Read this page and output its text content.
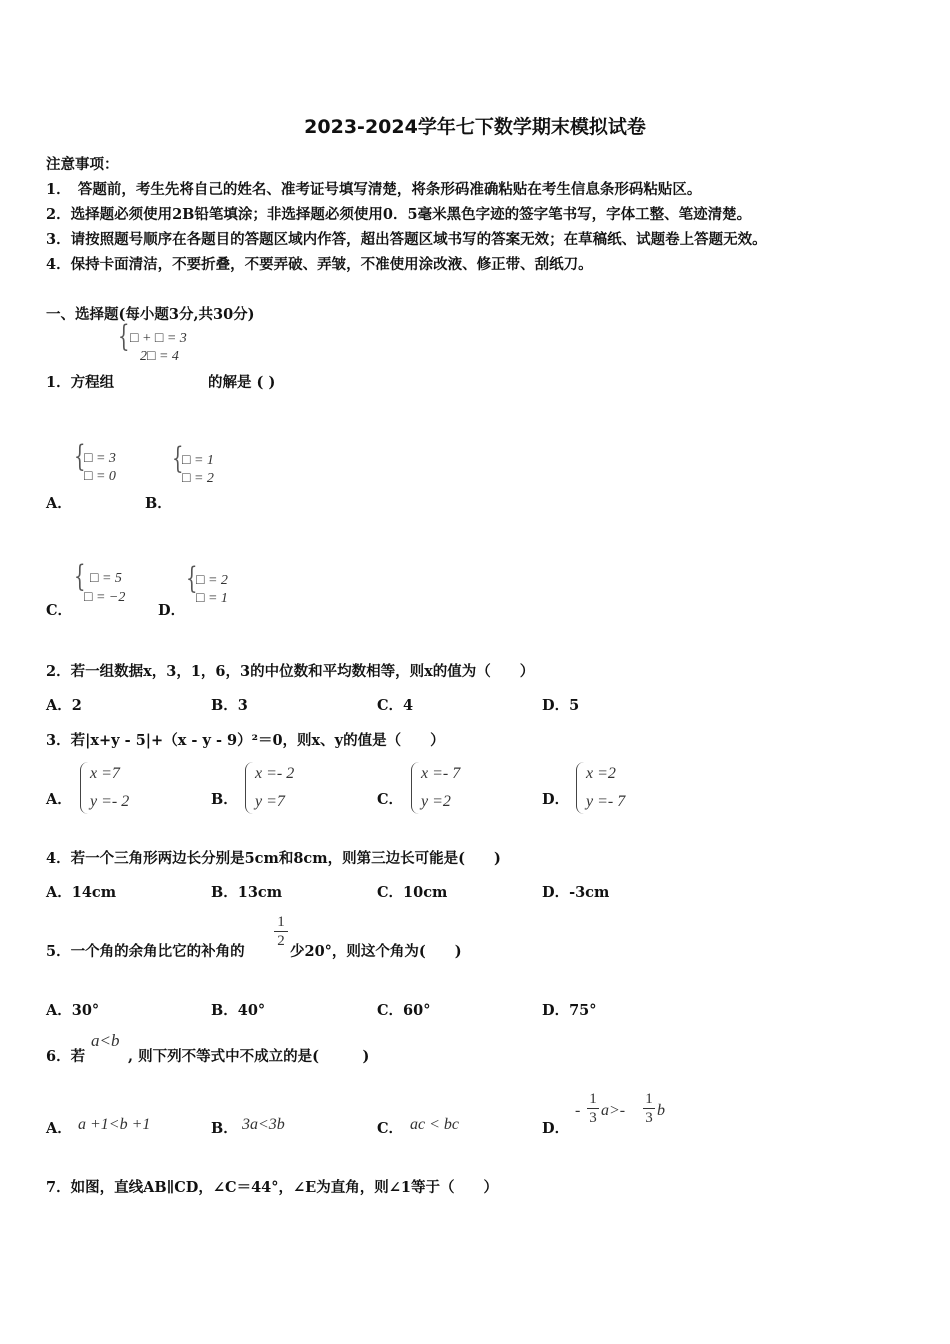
2023-2024学年七下数学期末模拟试卷
注意事项：
1．　答题前，考生先将自己的姓名、准考证号填写清楚，将条形码准确粘贴在考生信息条形码粘贴区。
2．选择题必须使用2B铅笔填涂；非选择题必须使用0．5毫米黑色字迹的签字笔书写，字体工整、笔迹清楚。
3．请按照题号顺序在各题目的答题区域内作答，超出答题区域书写的答案无效；在草稿纸、试题卷上答题无效。
4．保持卡面清洁，不要折叠，不要弄破、弄皱，不准使用涂改液、修正带、刮纸刀。
一、选择题(每小题3分,共30分)
{ □ + □ = 3
2□ = 4
1．方程组	的解是 ( )
{
□ = 3
□ = 0
A．
{
□ = 1
□ = 2
B．
{ □ = 5
□ = −2
C．
{
□ = 2
□ = 1
D．
2．若一组数据x，3，1，6，3的中位数和平均数相等，则x的值为（　　）
A．2	B．3	C．4	D．5
3．若|x+y - 5|+（x - y - 9）²＝0，则x、y的值是（　　）
A．
x =7
y =- 2	B．
x =- 2
y =7	C．
x =- 7
y =2	D．
x =2
y =- 7
4．若一个三角形两边长分别是5cm和8cm，则第三边长可能是(　　)
A．14cm	B．13cm	C．10cm	D．-3cm
5．一个角的余角比它的补角的
1
2
少20°，则这个角为(　　)
A．30°	B．40°	C．60°	D．75°
6．若
a<b
, 则下列不等式中不成立的是(　　　)
A． a +1<b +1	B． 3a<3b	C． ac < bc	D．
-
1
3 a>-
1
3 b
7．如图，直线AB∥CD，∠C＝44°，∠E为直角，则∠1等于（　　）
